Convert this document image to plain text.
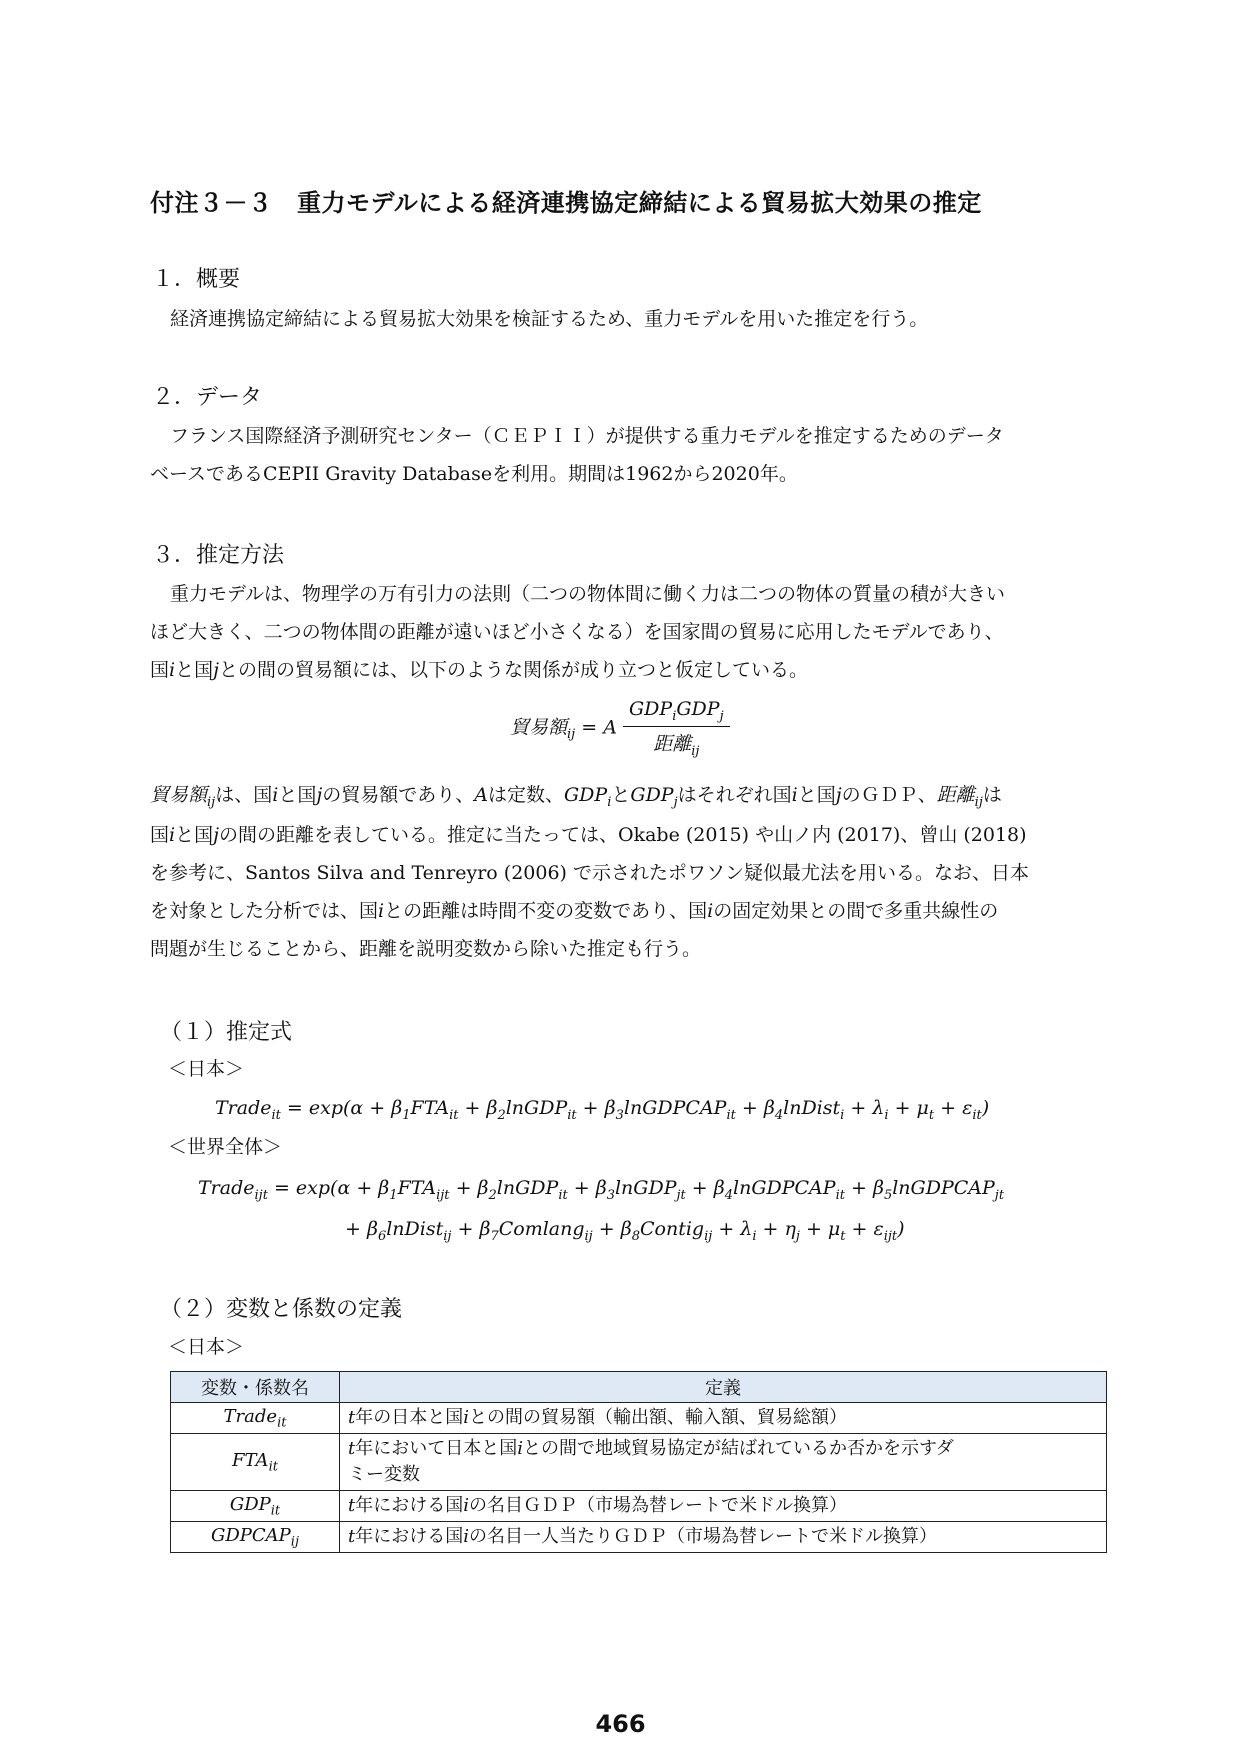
付注３－３　重力モデルによる経済連携協定締結による貿易拡大効果の推定
１．概要
経済連携協定締結による貿易拡大効果を検証するため、重力モデルを用いた推定を行う。
２．データ
フランス国際経済予測研究センター（ＣＥＰＩＩ）が提供する重力モデルを推定するためのデータ
ベースであるCEPII Gravity Databaseを利用。期間は1962から2020年。
３．推定方法
重力モデルは、物理学の万有引力の法則（二つの物体間に働く力は二つの物体の質量の積が大きい
ほど大きく、二つの物体間の距離が遠いほど小さくなる）を国家間の貿易に応用したモデルであり、
国iと国jとの間の貿易額には、以下のような関係が成り立つと仮定している。
貿易額$_{ij}$ = A $\frac{GDP_iGDP_j}{距離_{ij}}$
貿易額$_{ij}$は、国iと国jの貿易額であり、Aは定数、$GDP_i$と$GDP_j$はそれぞれ国iと国jのＧＤＰ、距離$_{ij}$は
国iと国jの間の距離を表している。推定に当たっては、Okabe (2015) や山ノ内 (2017)、曾山 (2018)
を参考に、Santos Silva and Tenreyro (2006) で示されたポワソン疑似最尤法を用いる。なお、日本
を対象とした分析では、国iとの距離は時間不変の変数であり、国iの固定効果との間で多重共線性の
問題が生じることから、距離を説明変数から除いた推定も行う。
（１）推定式
＜日本＞
Trade$_{it}$ = $\exp(\alpha + \beta_1FTA_{it}$ + $\beta_2lnGDP_{it}$ + $\beta_3lnGDPCAP_{it}$ + $\beta_4lnDist_i + \lambda_i + \mu_t + \varepsilon_{it}$)
＜世界全体＞
Trade$_{ijt}$ = $\exp(\alpha + \beta_1FTA_{ijt}$ + $\beta_2lnGDP_{it}$ + $\beta_3lnGDP_{jt}$ + $\beta_4lnGDPCAP_{it}$ + $\beta_5lnGDPCAP_{jt}$
+ $\beta_6lnDist_{ij}$ + $\beta_7Comlang_{ij}$ + $\beta_8Contig_{ij} + \lambda_i + \eta_j + \mu_t + \varepsilon_{ijt}$)
（２）変数と係数の定義
＜日本＞
変数・係数名	定義
Trade$_{it}$	t年の日本と国iとの間の貿易額（輸出額、輸入額、貿易総額）
$FTA_{it}$	t年において日本と国iとの間で地域貿易協定が結ばれているか否かを示すダ
ミー変数
$GDP_{it}$	t年における国iの名目ＧＤＰ（市場為替レートで米ドル換算）
$GDPCAP_{ij}$	t年における国iの名目一人当たりＧＤＰ（市場為替レートで米ドル換算）
466
